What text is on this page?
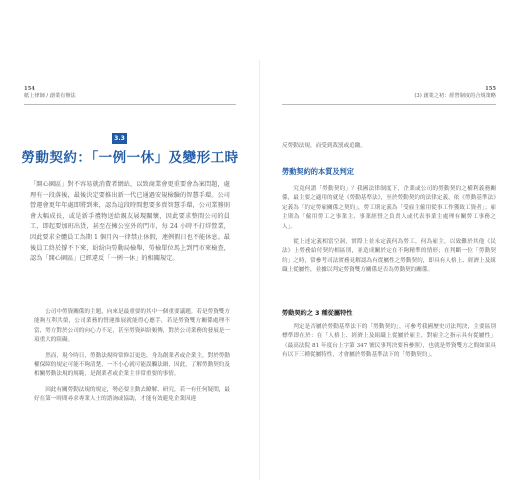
154
紙上律師 / 創業有辦法
3.3
勞動契約：「一例一休」及變形工時
「開心園區」對不容易就消費者網站，以致商業會更重要會為案問題，處理有一段落後，最後決定要推出新一代已通過安規檢驗的智慧手環。公司營運會更年年處即將到來，認為這段時間想要多賣智慧手環，公司業務則會大幅成長，或是新手禮物送給親友展現關懷，因此要求整間公司的員工，即起要加班出貨，甚至在擁公室外的門市，每 24 小時不打烊營業，因此要求全體員工為期 1 個月內一律禁止休假，連例假日也不能休息。最後員工終於撐不下來，紛紛向勞動局檢舉，勞檢單位馬上到門市來檢查，認為「開心園區」已經違反「一例一休」的相關規定。

公司中勞資關係的主題，向來是最重要的其中一個重要議題。若是勞資雙方能夠互利共榮，公司業務的營運推展就能得心應手，若是勞資雙方關係處理不當，勞方對於公司的向心力不足，甚至勞資糾紛頻傳，對於公司業務的發展是一項重大的阻礙。

然而，現今時日，勞動法規時常修訂更迭，身為創業者或企業主，對於勞動權保障的規定可能不夠清楚，一不小心就可能誤觸法網，因此，了解勞動契約及相關勞動法規的規範，是創業者或企業主非常重要的事情。

因此有關勞動法規的規定，勢必要主動去瞭解、研究，若一有任何疑問，最好在第一時間尋求專業人士的諮詢或協助，才能有效避免企業因違

155
(3) 創業之初：經營制度的合規策略

反勞動法規，而受到裁罰或追繳。

勞動契約的本質及判定

究竟何謂「勞動契約」？我國法律制度下，企業或公司的勞動契約之權利義務關係，最主要之適用的就是《勞動基準法》，至於勞動契約的法律定義，依《勞動基準法》定義為「約定勞雇關係之契約」，勞工則定義為「受雇主僱用從事工作獲致工資者」；雇主則為「僱用勞工之事業主、事業經營之負責人或代表事業主處理有關勞工事務之人」。

從上述定義相當空洞，實際上並未定義何為勞工，何為雇主，以致難於其他《民法》上勞務給付契約相區別，並造成關於定在不夠精準的情形；在判斷一位「勞動契約」之時，常參考司法實務見解認為有從屬性之勞動契約，即具有人格上、經濟上及組織上從屬性，並據以判定勞資雙方關係是否為勞動契約關係。

勞動契約之 3 種從屬特性

判定是否屬於勞動基準法下的「勞動契約」，可參考我國歷史司法判決，主要區別標準即在於：在「人格上、經濟上及組織上從屬於雇主，對雇主之指示具有從屬性」（最高法院 81 年度台上字第 347 號民事判決要旨參照），也就是勞資雙方之間如果具有以下三種從屬特性，才會屬於勞動基準法下的「勞動契約」。
